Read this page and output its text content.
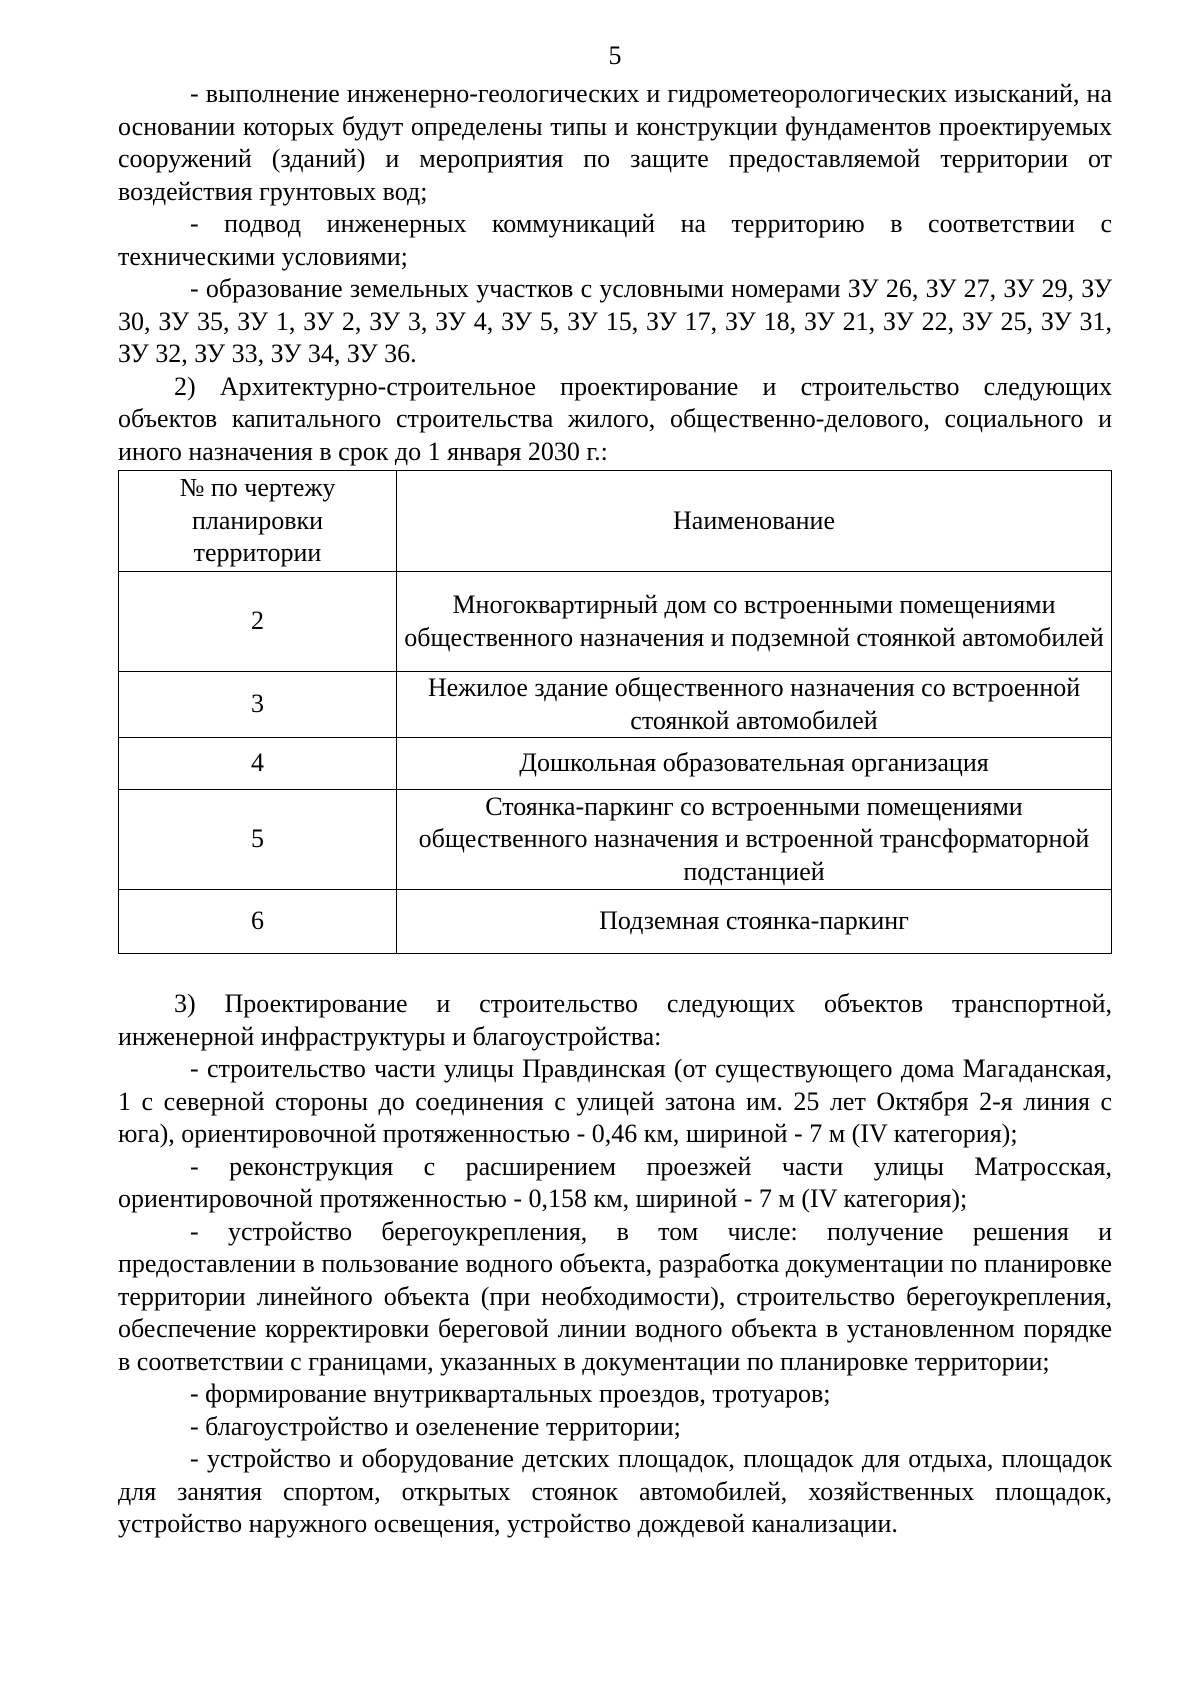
5

- выполнение инженерно-геологических и гидрометеорологических изысканий, на основании которых будут определены типы и конструкции фундаментов проектируемых сооружений (зданий) и мероприятия по защите предоставляемой территории от воздействия грунтовых вод;

- подвод инженерных коммуникаций на территорию в соответствии с техническими условиями;

- образование земельных участков с условными номерами ЗУ 26, ЗУ 27, ЗУ 29, ЗУ 30, ЗУ 35, ЗУ 1, ЗУ 2, ЗУ 3, ЗУ 4, ЗУ 5, ЗУ 15, ЗУ 17, ЗУ 18, ЗУ 21, ЗУ 22, ЗУ 25, ЗУ 31, ЗУ 32, ЗУ 33, ЗУ 34, ЗУ 36.

2) Архитектурно-строительное проектирование и строительство следующих объектов капитального строительства жилого, общественно-делового, социального и иного назначения в срок до 1 января 2030 г.:

№ по чертежу планировки территории	Наименование
2	Многоквартирный дом со встроенными помещениями общественного назначения и подземной стоянкой автомобилей
3	Нежилое здание общественного назначения со встроенной стоянкой автомобилей
4	Дошкольная образовательная организация
5	Стоянка-паркинг со встроенными помещениями общественного назначения и встроенной трансформаторной подстанцией
6	Подземная стоянка-паркинг

3) Проектирование и строительство следующих объектов транспортной, инженерной инфраструктуры и благоустройства:

- строительство части улицы Правдинская (от существующего дома Магаданская, 1 с северной стороны до соединения с улицей затона им. 25 лет Октября 2-я линия с юга), ориентировочной протяженностью - 0,46 км, шириной - 7 м (IV категория);

- реконструкция с расширением проезжей части улицы Матросская, ориентировочной протяженностью - 0,158 км, шириной - 7 м (IV категория);

- устройство берегоукрепления, в том числе: получение решения и предоставлении в пользование водного объекта, разработка документации по планировке территории линейного объекта (при необходимости), строительство берегоукрепления, обеспечение корректировки береговой линии водного объекта в установленном порядке в соответствии с границами, указанных в документации по планировке территории;

- формирование внутриквартальных проездов, тротуаров;

- благоустройство и озеленение территории;

- устройство и оборудование детских площадок, площадок для отдыха, площадок для занятия спортом, открытых стоянок автомобилей, хозяйственных площадок, устройство наружного освещения, устройство дождевой канализации.
